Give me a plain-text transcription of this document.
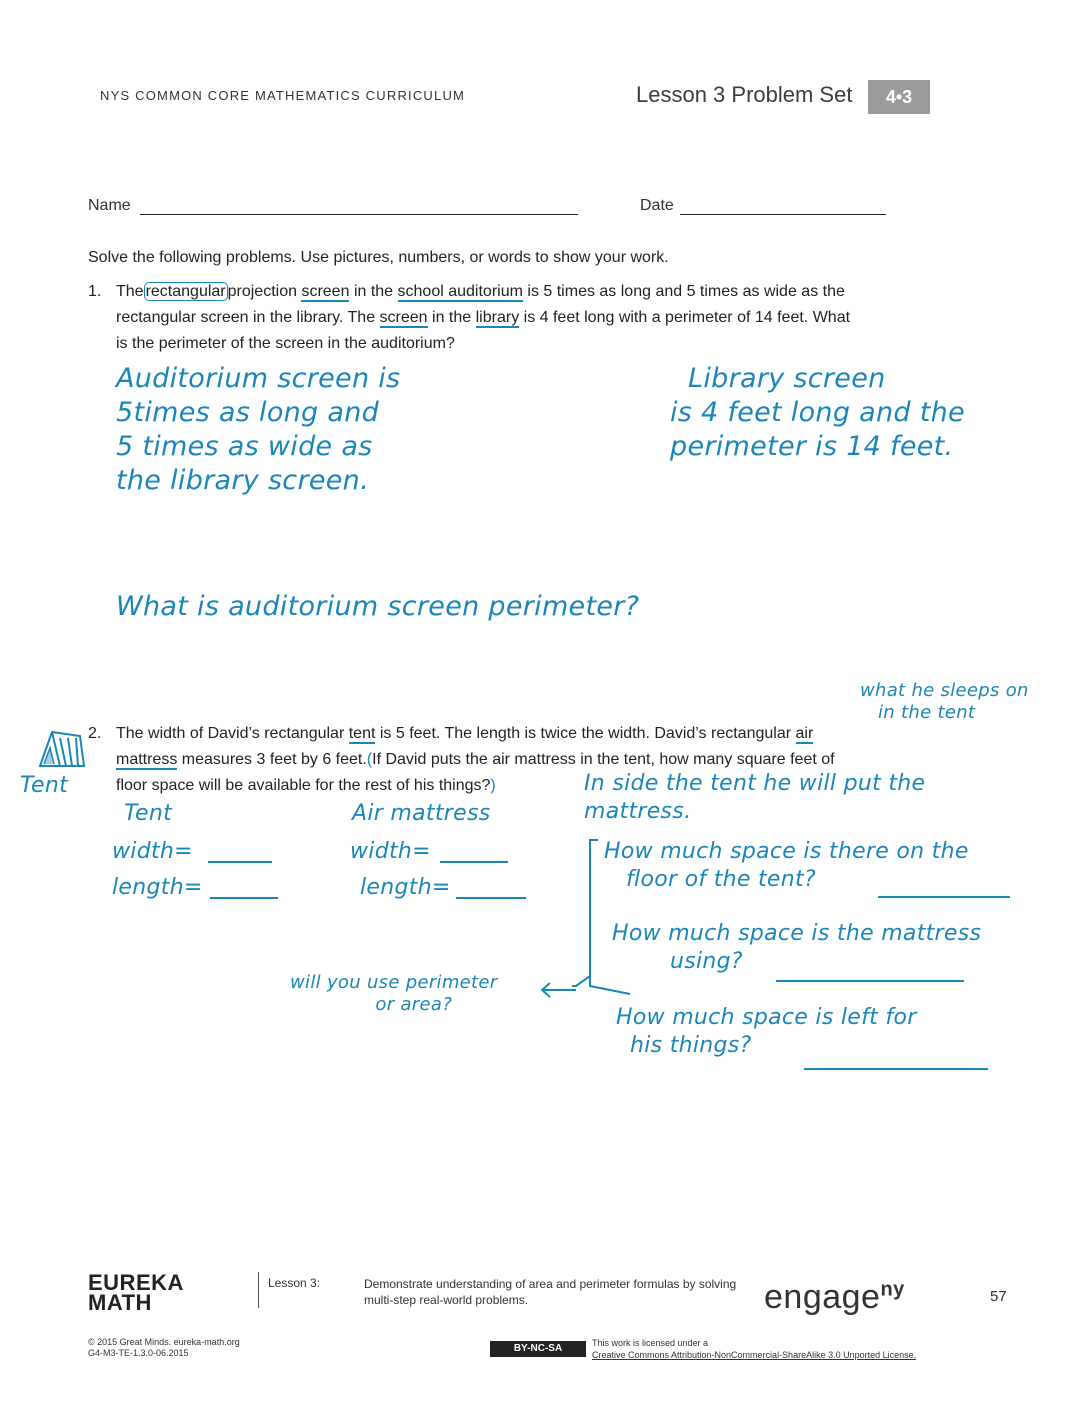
NYS COMMON CORE MATHEMATICS CURRICULUM	Lesson 3 Problem Set	4•3
Name	Date
Solve the following problems. Use pictures, numbers, or words to show your work.
1. The rectangular projection screen in the school auditorium is 5 times as long and 5 times as wide as the
rectangular screen in the library. The screen in the library is 4 feet long with a perimeter of 14 feet. What
is the perimeter of the screen in the auditorium?
Auditorium screen is
5times as long and
5 times as wide as
the library screen.
Library screen
is 4 feet long and the
perimeter is 14 feet.
What is auditorium screen perimeter?
what he sleeps on
in the tent
Tent
2. The width of David’s rectangular tent is 5 feet. The length is twice the width. David’s rectangular air
mattress measures 3 feet by 6 feet.(If David puts the air mattress in the tent, how many square feet of
floor space will be available for the rest of his things?)
Tent
width=
length=
Air mattress
width=
length=
In side the tent he will put the
mattress.
How much space is there on the
floor of the tent?
How much space is the mattress
using?
How much space is left for
his things?
will you use perimeter
or area?
EUREKA
MATH
Lesson 3:	Demonstrate understanding of area and perimeter formulas by solving
multi-step real-world problems.	engage$^{ny}$	57
© 2015 Great Minds. eureka-math.org
G4-M3-TE-1.3.0-06.2015	BY-NC-SA	This work is licensed under a
Creative Commons Attribution-NonCommercial-ShareAlike 3.0 Unported License.
